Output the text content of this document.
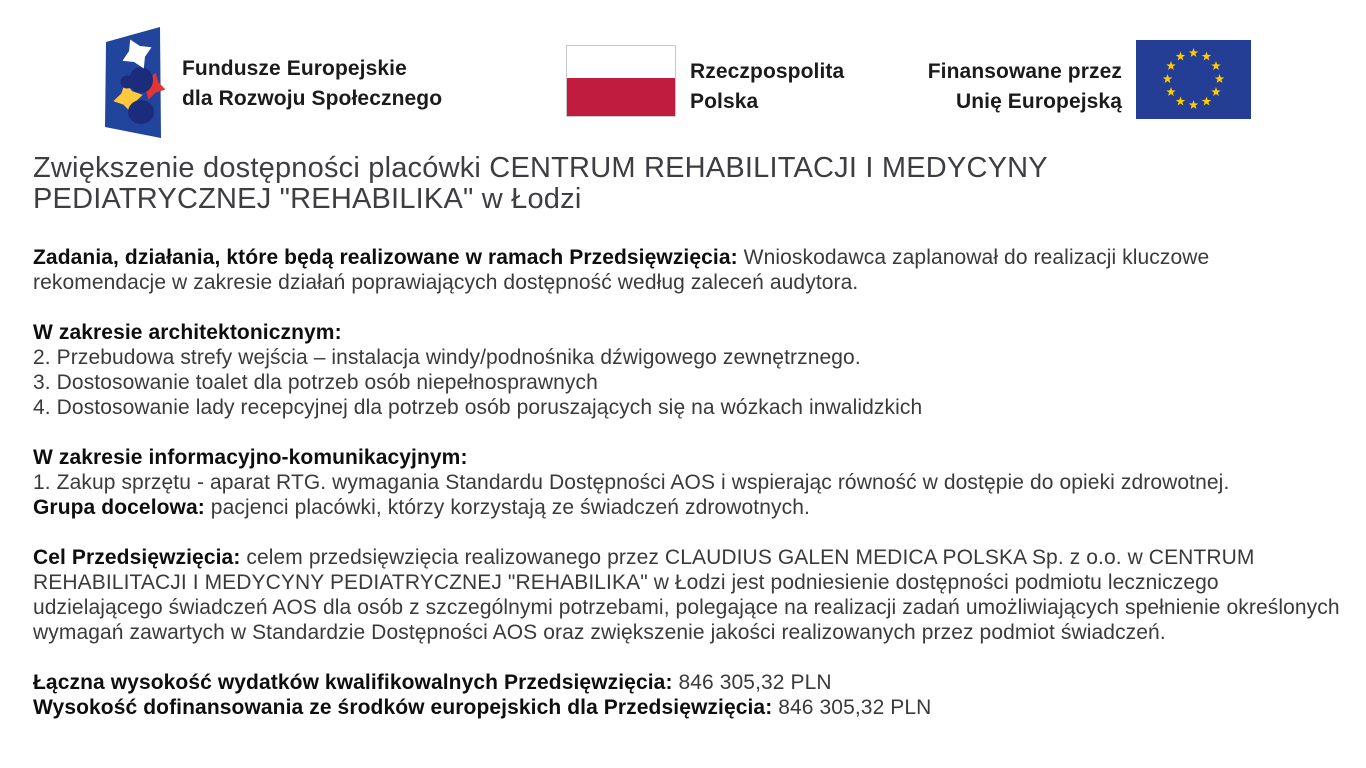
Fundusze Europejskie
dla Rozwoju Społecznego
Rzeczpospolita
Polska
Finansowane przez
Unię Europejską
Zwiększenie dostępności placówki CENTRUM REHABILITACJI I MEDYCYNY
PEDIATRYCZNEJ "REHABILIKA" w Łodzi
Zadania, działania, które będą realizowane w ramach Przedsięwzięcia: Wnioskodawca zaplanował do realizacji kluczowe rekomendacje w zakresie działań poprawiających dostępność według zaleceń audytora.
W zakresie architektonicznym:
2. Przebudowa strefy wejścia – instalacja windy/podnośnika dźwigowego zewnętrznego.
3. Dostosowanie toalet dla potrzeb osób niepełnosprawnych
4. Dostosowanie lady recepcyjnej dla potrzeb osób poruszających się na wózkach inwalidzkich
W zakresie informacyjno-komunikacyjnym:
1. Zakup sprzętu - aparat RTG. wymagania Standardu Dostępności AOS i wspierając równość w dostępie do opieki zdrowotnej.
Grupa docelowa: pacjenci placówki, którzy korzystają ze świadczeń zdrowotnych.
Cel Przedsięwzięcia: celem przedsięwzięcia realizowanego przez CLAUDIUS GALEN MEDICA POLSKA Sp. z o.o. w CENTRUM REHABILITACJI I MEDYCYNY PEDIATRYCZNEJ "REHABILIKA" w Łodzi jest podniesienie dostępności podmiotu leczniczego udzielającego świadczeń AOS dla osób z szczególnymi potrzebami, polegające na realizacji zadań umożliwiających spełnienie określonych wymagań zawartych w Standardzie Dostępności AOS oraz zwiększenie jakości realizowanych przez podmiot świadczeń.
Łączna wysokość wydatków kwalifikowalnych Przedsięwzięcia: 846 305,32 PLN
Wysokość dofinansowania ze środków europejskich dla Przedsięwzięcia: 846 305,32 PLN
